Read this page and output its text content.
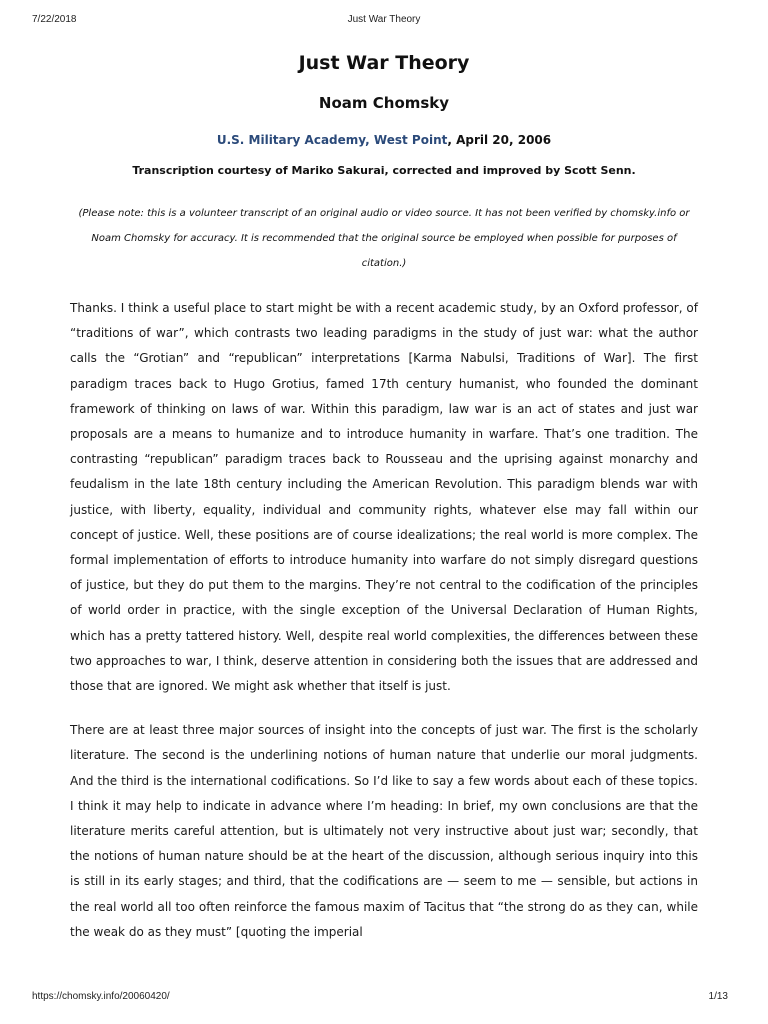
7/22/2018	Just War Theory
Just War Theory
Noam Chomsky
U.S. Military Academy, West Point, April 20, 2006
Transcription courtesy of Mariko Sakurai, corrected and improved by Scott Senn.
(Please note: this is a volunteer transcript of an original audio or video source. It has not been verified by chomsky.info or Noam Chomsky for accuracy. It is recommended that the original source be employed when possible for purposes of citation.)

Thanks. I think a useful place to start might be with a recent academic study, by an Oxford professor, of “traditions of war”, which contrasts two leading paradigms in the study of just war: what the author calls the “Grotian” and “republican” interpretations [Karma Nabulsi, Traditions of War]. The first paradigm traces back to Hugo Grotius, famed 17th century humanist, who founded the dominant framework of thinking on laws of war. Within this paradigm, law war is an act of states and just war proposals are a means to humanize and to introduce humanity in warfare. That’s one tradition. The contrasting “republican” paradigm traces back to Rousseau and the uprising against monarchy and feudalism in the late 18th century including the American Revolution. This paradigm blends war with justice, with liberty, equality, individual and community rights, whatever else may fall within our concept of justice. Well, these positions are of course idealizations; the real world is more complex. The formal implementation of efforts to introduce humanity into warfare do not simply disregard questions of justice, but they do put them to the margins. They’re not central to the codification of the principles of world order in practice, with the single exception of the Universal Declaration of Human Rights, which has a pretty tattered history. Well, despite real world complexities, the differences between these two approaches to war, I think, deserve attention in considering both the issues that are addressed and those that are ignored. We might ask whether that itself is just.

There are at least three major sources of insight into the concepts of just war. The first is the scholarly literature. The second is the underlining notions of human nature that underlie our moral judgments. And the third is the international codifications. So I’d like to say a few words about each of these topics. I think it may help to indicate in advance where I’m heading: In brief, my own conclusions are that the literature merits careful attention, but is ultimately not very instructive about just war; secondly, that the notions of human nature should be at the heart of the discussion, although serious inquiry into this is still in its early stages; and third, that the codifications are — seem to me — sensible, but actions in the real world all too often reinforce the famous maxim of Tacitus that “the strong do as they can, while the weak do as they must” [quoting the imperial

https://chomsky.info/20060420/	1/13
